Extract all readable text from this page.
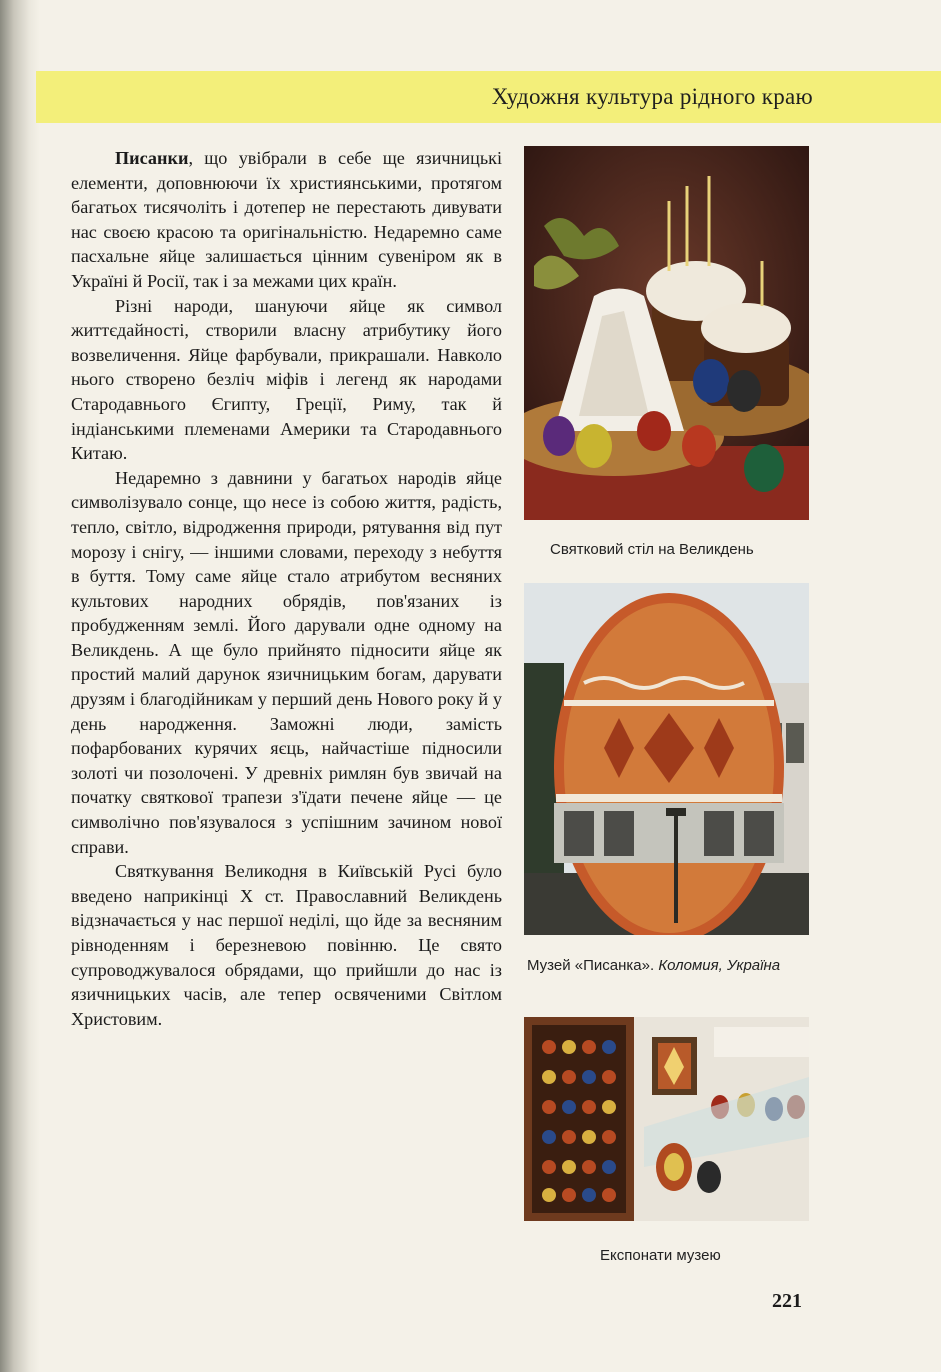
Художня культура рідного краю

Писанки, що увібрали в себе ще язичницькі елементи, доповнюючи їх християнськими, протягом багатьох тисячоліть і дотепер не перестають дивувати нас своєю красою та оригінальністю. Недаремно саме пасхальне яйце залишається цінним сувеніром як в Україні й Росії, так і за межами цих країн.

Різні народи, шануючи яйце як символ життєдайності, створили власну атрибутику його возвеличення. Яйце фарбували, прикрашали. Навколо нього створено безліч міфів і легенд як народами Стародавнього Єгипту, Греції, Риму, так й індіанськими племенами Америки та Стародавнього Китаю.

Недаремно з давнини у багатьох народів яйце символізувало сонце, що несе із собою життя, радість, тепло, світло, відродження природи, рятування від пут морозу і снігу, — іншими словами, переходу з небуття в буття. Тому саме яйце стало атрибутом весняних культових народних обрядів, пов'язаних із пробудженням землі. Його дарували одне одному на Великдень. А ще було прийнято підносити яйце як простий малий дарунок язичницьким богам, дарувати друзям і благодійникам у перший день Нового року й у день народження. Заможні люди, замість пофарбованих курячих яєць, найчастіше підносили золоті чи позолочені. У древніх римлян був звичай на початку святкової трапези з'їдати печене яйце — це символічно пов'язувалося з успішним зачином нової справи.

Святкування Великодня в Київській Русі було введено наприкінці X ст. Православний Великдень відзначається у нас першої неділі, що йде за весняним рівноденням і березневою повінню. Це свято супроводжувалося обрядами, що прийшли до нас із язичницьких часів, але тепер освяченими Світлом Христовим.

Святковий стіл на Великдень
Музей «Писанка». Коломия, Україна
Експонати музею
221
